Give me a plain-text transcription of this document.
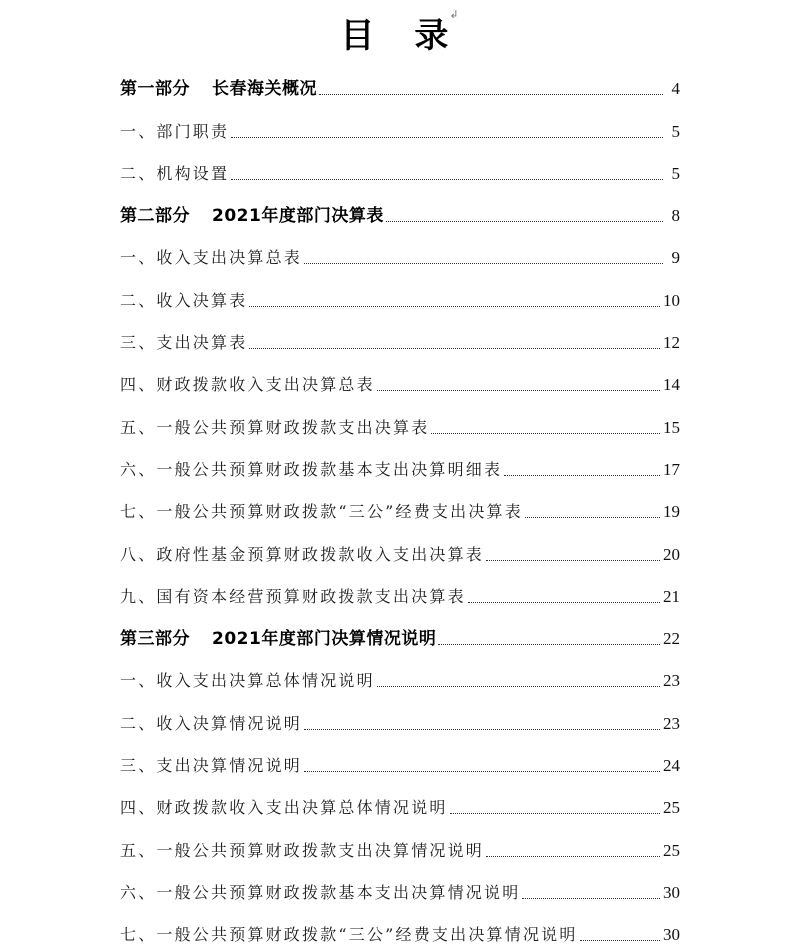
目 录↲
第一部分 长春海关概况	4
一、部门职责	5
二、机构设置	5
第二部分 2021年度部门决算表	8
一、收入支出决算总表	9
二、收入决算表	10
三、支出决算表	12
四、财政拨款收入支出决算总表	14
五、一般公共预算财政拨款支出决算表	15
六、一般公共预算财政拨款基本支出决算明细表	17
七、一般公共预算财政拨款“三公”经费支出决算表	19
八、政府性基金预算财政拨款收入支出决算表	20
九、国有资本经营预算财政拨款支出决算表	21
第三部分 2021年度部门决算情况说明	22
一、收入支出决算总体情况说明	23
二、收入决算情况说明	23
三、支出决算情况说明	24
四、财政拨款收入支出决算总体情况说明	25
五、一般公共预算财政拨款支出决算情况说明	25
六、一般公共预算财政拨款基本支出决算情况说明	30
七、一般公共预算财政拨款“三公”经费支出决算情况说明	30
